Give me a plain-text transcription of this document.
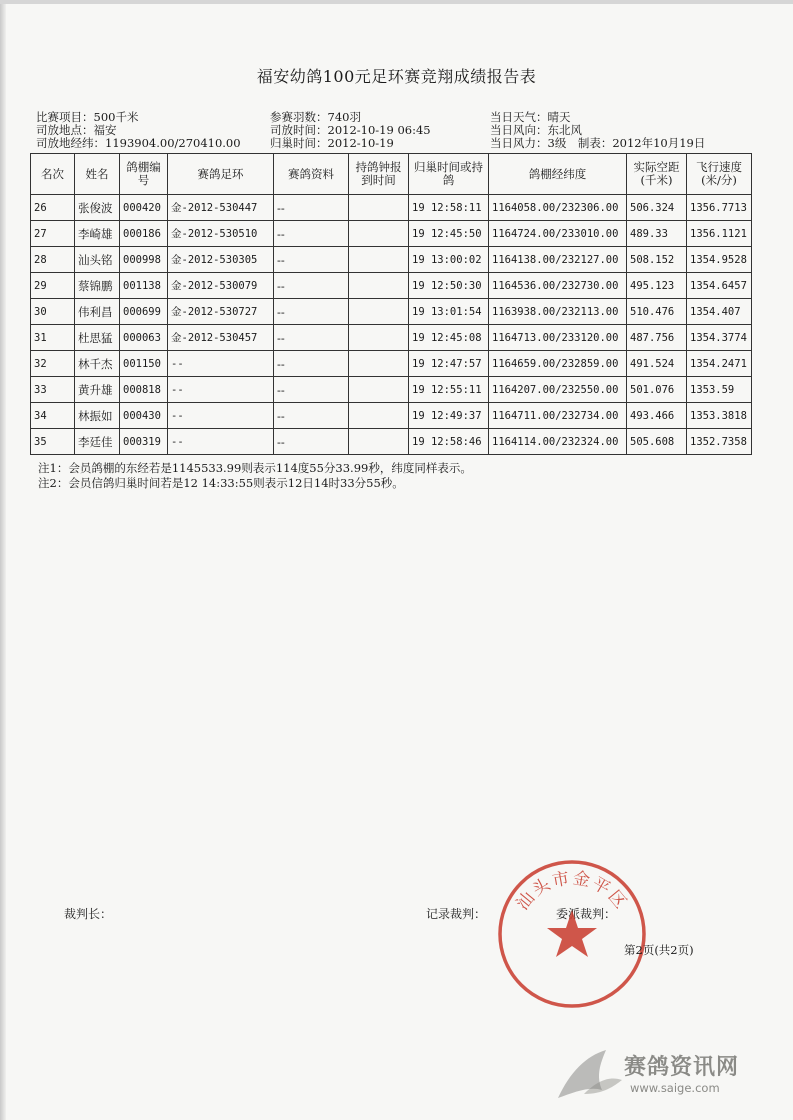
福安幼鸽100元足环赛竞翔成绩报告表
比赛项目：500千米
司放地点：福安
司放地经纬：1193904.00/270410.00
参赛羽数：740羽
司放时间：2012-10-19 06:45
归巢时间：2012-10-19
当日天气：晴天
当日风向：东北风
当日风力：3级　制表：2012年10月19日
名次	姓名	鸽棚编号	赛鸽足环	赛鸽资料	持鸽钟报到时间	归巢时间或持鸽	鸽棚经纬度	实际空距(千米)	飞行速度(米/分)
26	张俊波	000420	金-2012-530447	--		19 12:58:11	1164058.00/232306.00	506.324	1356.7713
27	李崎雄	000186	金-2012-530510	--		19 12:45:50	1164724.00/233010.00	489.33	1356.1121
28	汕头铭	000998	金-2012-530305	--		19 13:00:02	1164138.00/232127.00	508.152	1354.9528
29	蔡锦鹏	001138	金-2012-530079	--		19 12:50:30	1164536.00/232730.00	495.123	1354.6457
30	伟利昌	000699	金-2012-530727	--		19 13:01:54	1163938.00/232113.00	510.476	1354.407
31	杜思猛	000063	金-2012-530457	--		19 12:45:08	1164713.00/233120.00	487.756	1354.3774
32	林千杰	001150	--	--		19 12:47:57	1164659.00/232859.00	491.524	1354.2471
33	黄升雄	000818	--	--		19 12:55:11	1164207.00/232550.00	501.076	1353.59
34	林振如	000430	--	--		19 12:49:37	1164711.00/232734.00	493.466	1353.3818
35	李廷佳	000319	--	--		19 12:58:46	1164114.00/232324.00	505.608	1352.7358
注1：会员鸽棚的东经若是1145533.99则表示114度55分33.99秒，纬度同样表示。
注2：会员信鸽归巢时间若是12 14:33:55则表示12日14时33分55秒。
裁判长：	记录裁判：	委派裁判：
汕头市金平区
第2页(共2页)
赛鸽资讯网
www.saige.com
